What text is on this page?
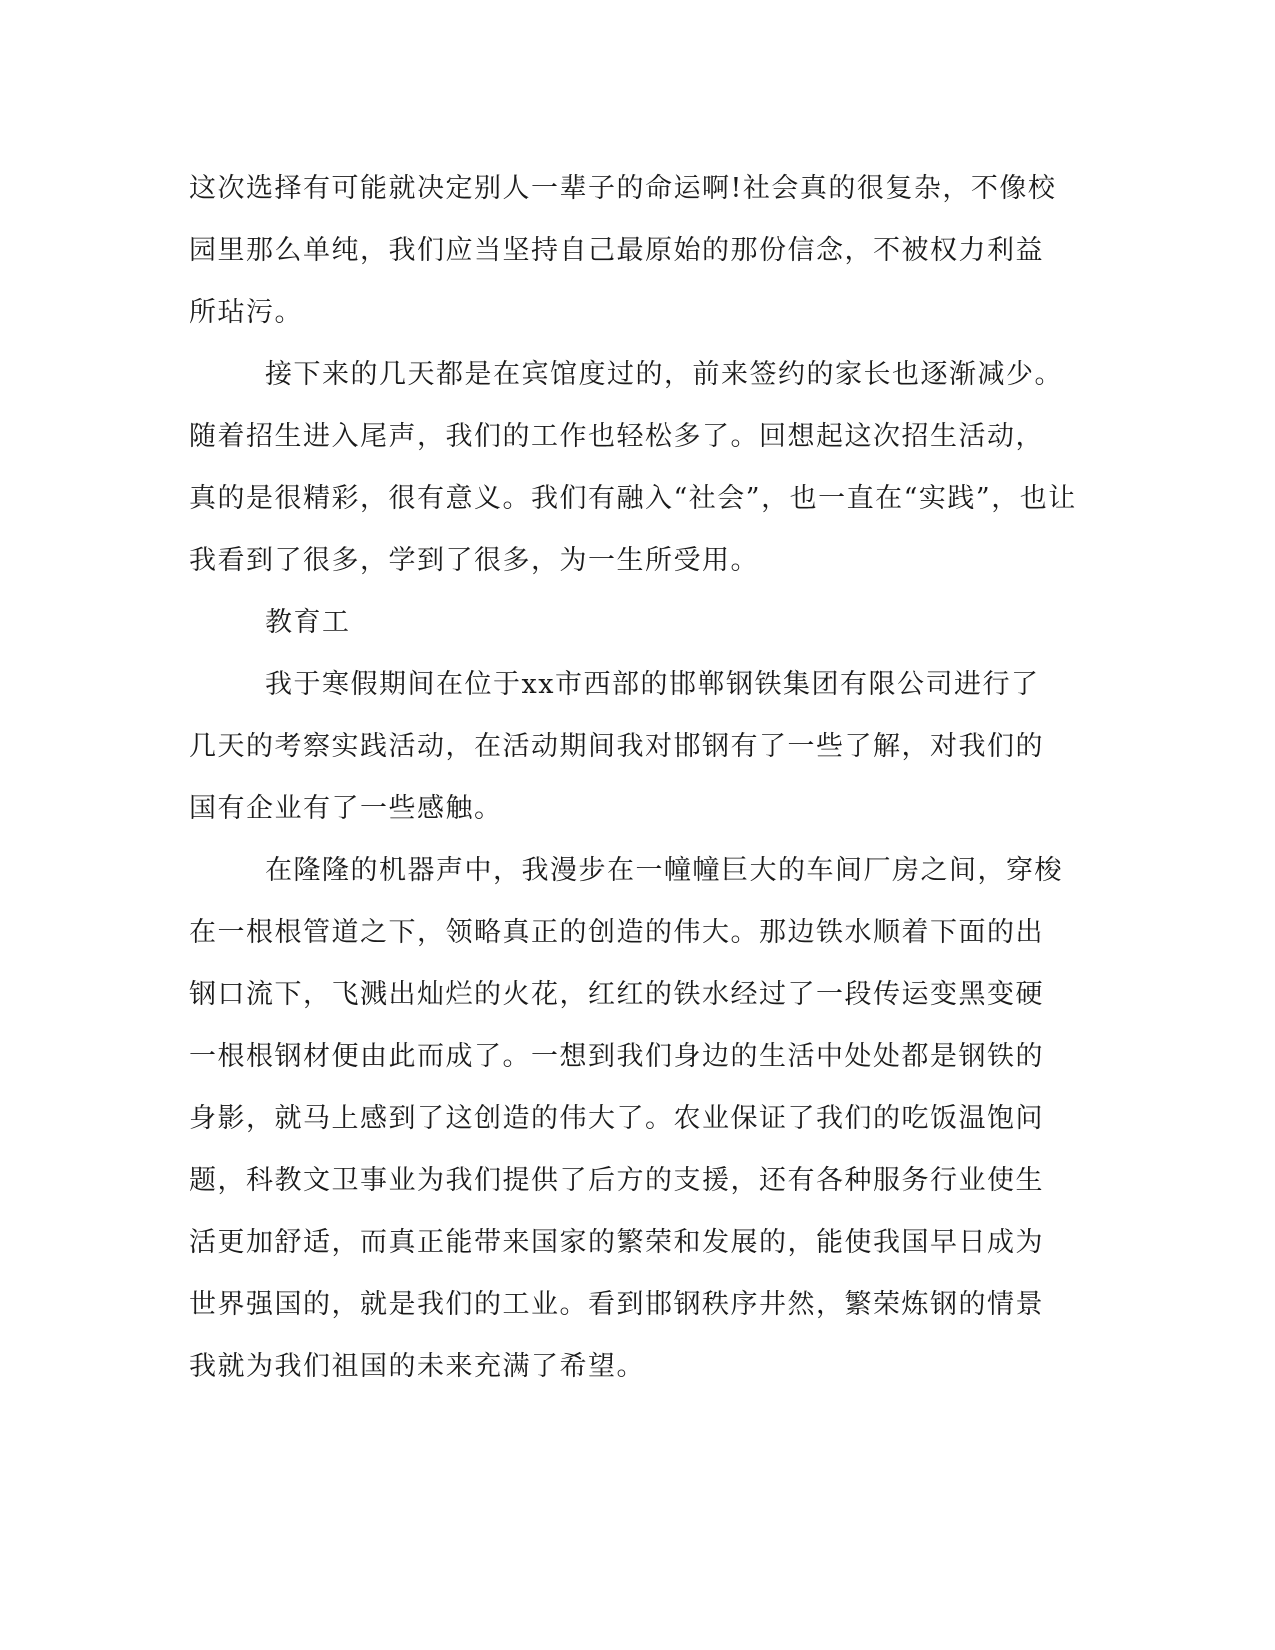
这次选择有可能就决定别人一辈子的命运啊!社会真的很复杂，不像校
园里那么单纯，我们应当坚持自己最原始的那份信念，不被权力利益
所玷污。
接下来的几天都是在宾馆度过的，前来签约的家长也逐渐减少。
随着招生进入尾声，我们的工作也轻松多了。回想起这次招生活动，
真的是很精彩，很有意义。我们有融入“社会”，也一直在“实践”，也让
我看到了很多，学到了很多，为一生所受用。
教育工
我于寒假期间在位于xx市西部的邯郸钢铁集团有限公司进行了
几天的考察实践活动，在活动期间我对邯钢有了一些了解，对我们的
国有企业有了一些感触。
在隆隆的机器声中，我漫步在一幢幢巨大的车间厂房之间，穿梭
在一根根管道之下，领略真正的创造的伟大。那边铁水顺着下面的出
钢口流下，飞溅出灿烂的火花，红红的铁水经过了一段传运变黑变硬
一根根钢材便由此而成了。一想到我们身边的生活中处处都是钢铁的
身影，就马上感到了这创造的伟大了。农业保证了我们的吃饭温饱问
题，科教文卫事业为我们提供了后方的支援，还有各种服务行业使生
活更加舒适，而真正能带来国家的繁荣和发展的，能使我国早日成为
世界强国的，就是我们的工业。看到邯钢秩序井然，繁荣炼钢的情景
我就为我们祖国的未来充满了希望。
